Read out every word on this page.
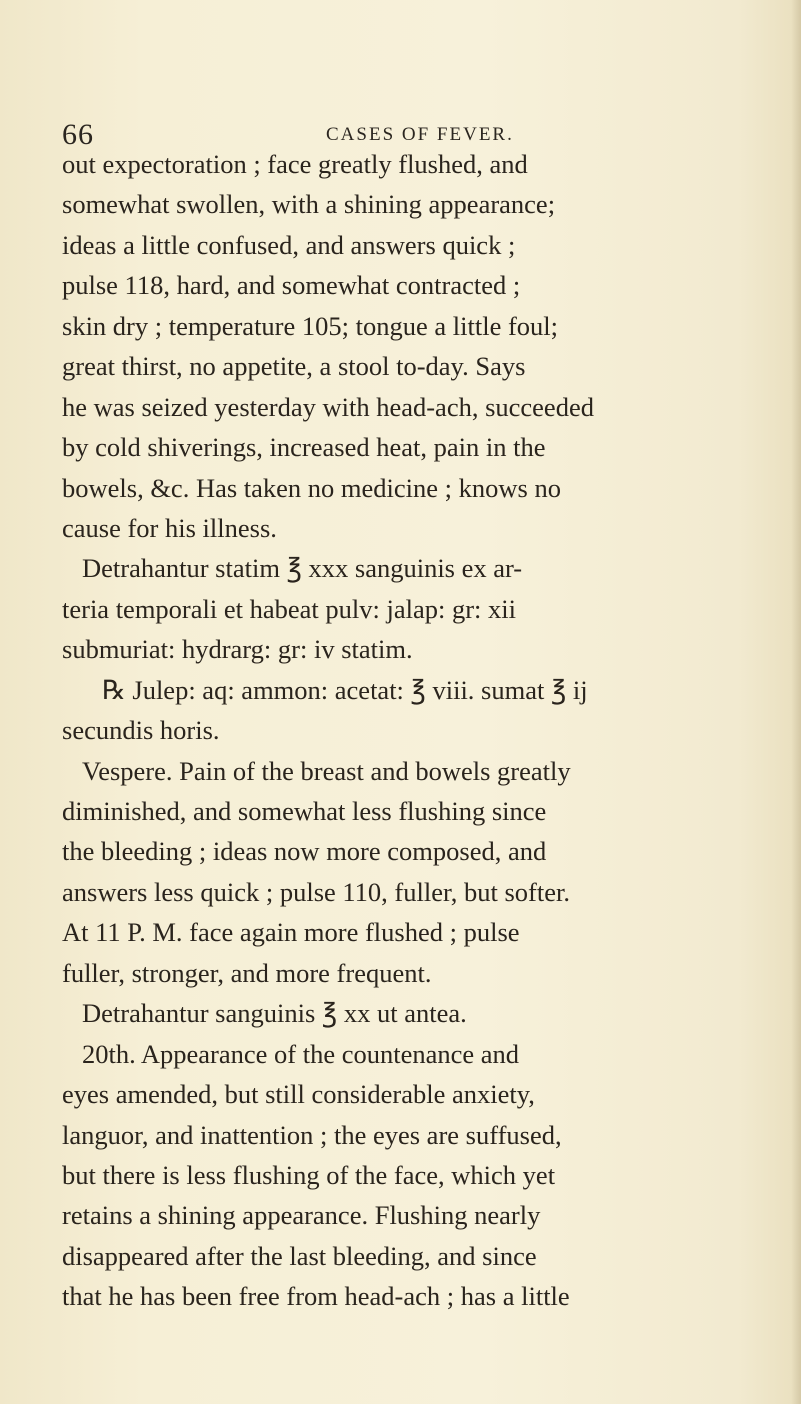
66	CASES OF FEVER.
out expectoration ; face greatly flushed, and
somewhat swollen, with a shining appearance;
ideas a little confused, and answers quick ;
pulse 118, hard, and somewhat contracted ;
skin dry ; temperature 105; tongue a little foul;
great thirst, no appetite, a stool to-day. Says
he was seized yesterday with head-ach, succeeded
by cold shiverings, increased heat, pain in the
bowels, &c. Has taken no medicine ; knows no
cause for his illness.
Detrahantur statim ℥ xxx sanguinis ex ar-
teria temporali et habeat pulv: jalap: gr: xii
submuriat: hydrarg: gr: iv statim.
℞ Julep: aq: ammon: acetat: ℥ viii. sumat ℥ ij
secundis horis.
Vespere. Pain of the breast and bowels greatly
diminished, and somewhat less flushing since
the bleeding ; ideas now more composed, and
answers less quick ; pulse 110, fuller, but softer.
At 11 P. M. face again more flushed ; pulse
fuller, stronger, and more frequent.
Detrahantur sanguinis ℥ xx ut antea.
20th. Appearance of the countenance and
eyes amended, but still considerable anxiety,
languor, and inattention ; the eyes are suffused,
but there is less flushing of the face, which yet
retains a shining appearance. Flushing nearly
disappeared after the last bleeding, and since
that he has been free from head-ach ; has a little
